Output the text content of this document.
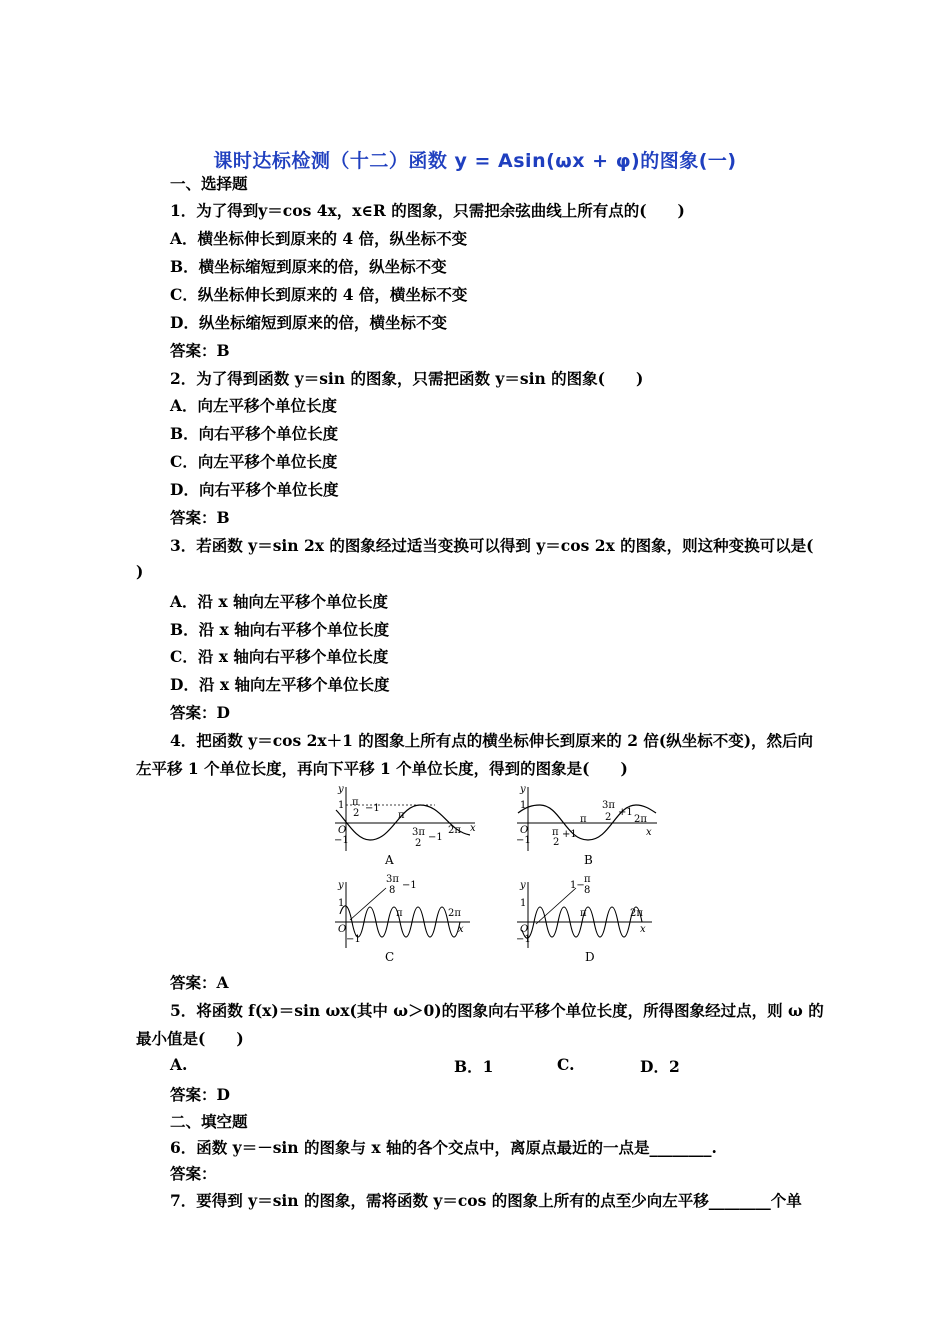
课时达标检测（十二）函数 y = Asin(ωx + φ)的图象(一)
一、选择题
1．为了得到y＝cos 4x，x∈R 的图象，只需把余弦曲线上所有点的(　　)
A．横坐标伸长到原来的 4 倍，纵坐标不变
B．横坐标缩短到原来的倍，纵坐标不变
C．纵坐标伸长到原来的 4 倍，横坐标不变
D．纵坐标缩短到原来的倍，横坐标不变
答案：B
2．为了得到函数 y＝sin 的图象，只需把函数 y＝sin 的图象(　　)
A．向左平移个单位长度
B．向右平移个单位长度
C．向左平移个单位长度
D．向右平移个单位长度
答案：B
3．若函数 y＝sin 2x 的图象经过适当变换可以得到 y＝cos 2x 的图象，则这种变换可以是(
)
A．沿 x 轴向左平移个单位长度
B．沿 x 轴向右平移个单位长度
C．沿 x 轴向右平移个单位长度
D．沿 x 轴向左平移个单位长度
答案：D
4．把函数 y＝cos 2x＋1 的图象上所有点的横坐标伸长到原来的 2 倍(纵坐标不变)，然后向
左平移 1 个单位长度，再向下平移 1 个单位长度，得到的图象是(　　)
y
x
O
1
−1
π
2 −1
π
3π
2
−1
2π
A
y
x
O
1
−1
π
2
+1
π
3π
2 +1
2π
B
y
x
O
1
−1
3π
8 −1
π	2π
C
y
x
O
1
−1
1−
π
8
π	2π
D
答案：A
5．将函数 f(x)＝sin ωx(其中 ω＞0)的图象向右平移个单位长度，所得图象经过点，则 ω 的
最小值是(　　)
A.	B．1	C.	D．2
答案：D
二、填空题
6．函数 y＝－sin 的图象与 x 轴的各个交点中，离原点最近的一点是________.
答案：
7．要得到 y＝sin 的图象，需将函数 y＝cos 的图象上所有的点至少向左平移________个单
